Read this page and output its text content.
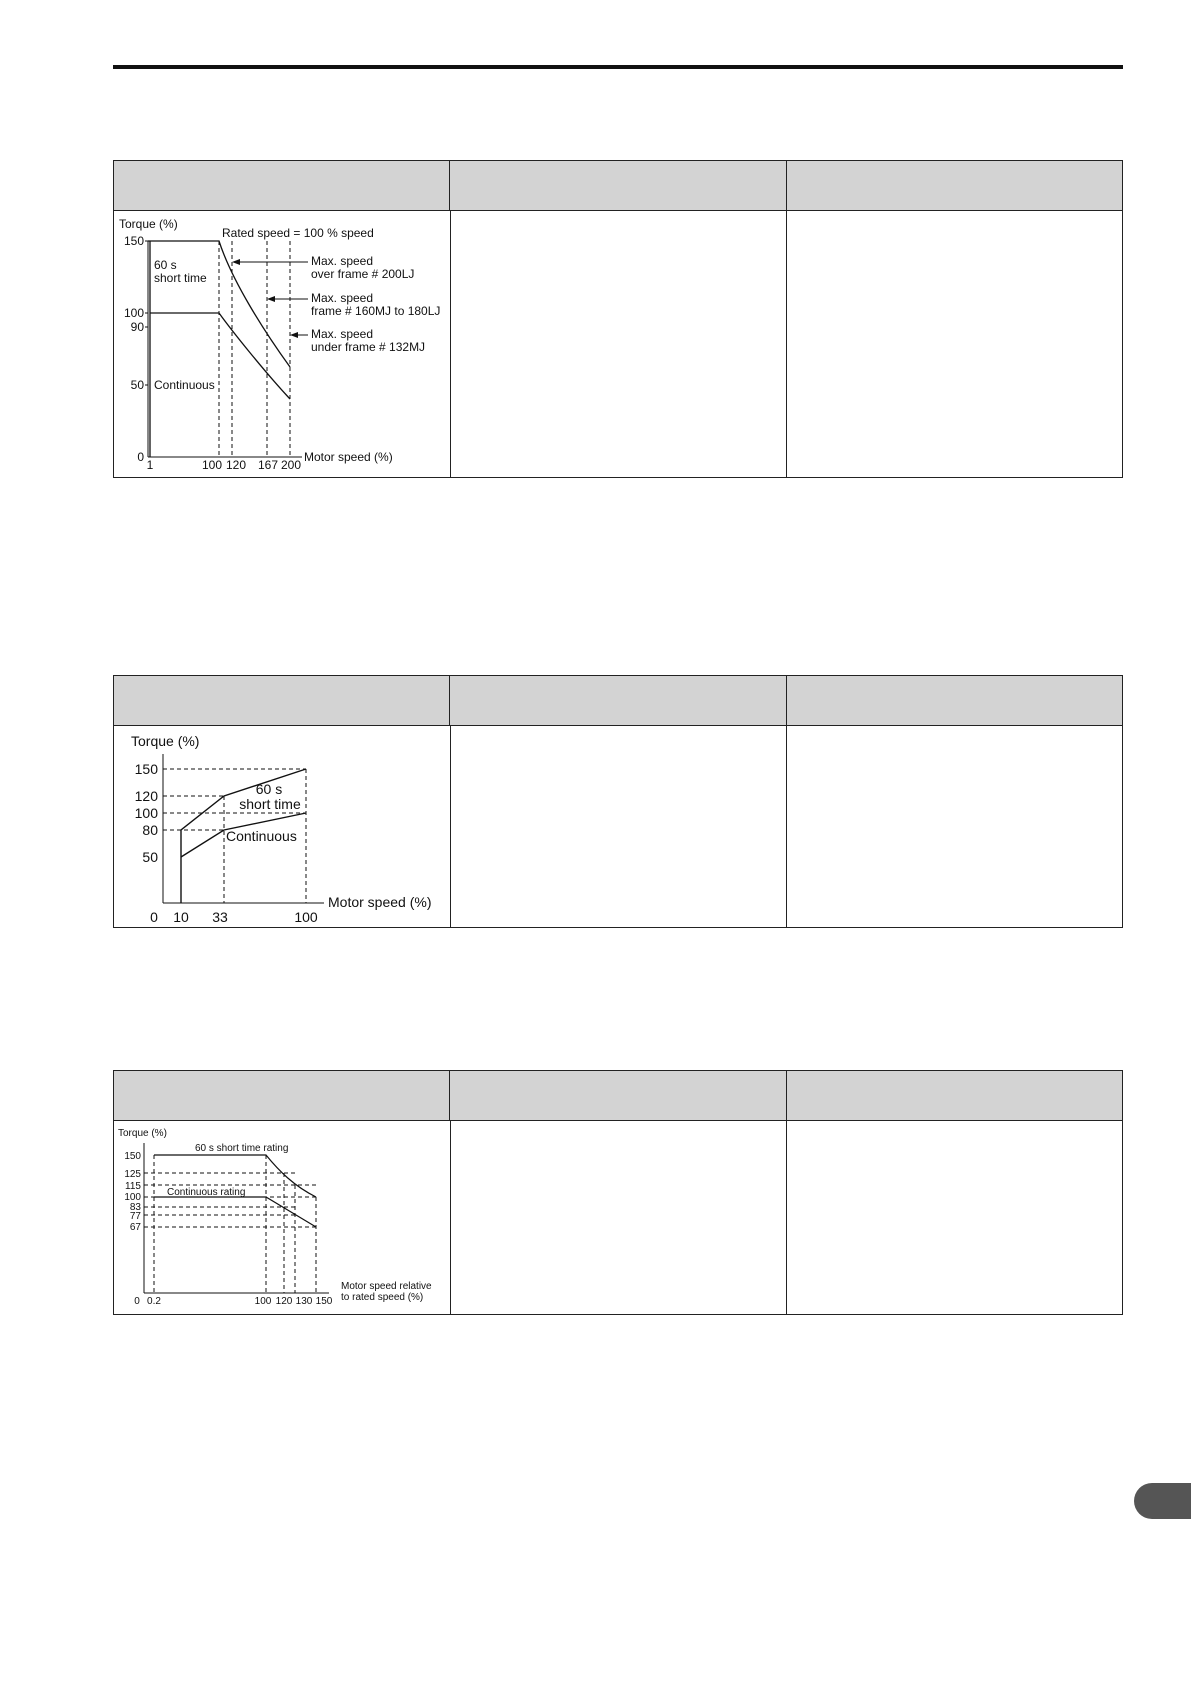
Torque (%)
150
100
90
50
0
1	100 120 167 200
Motor speed (%)
Rated speed = 100 % speed
60 s
short time
Continuous
Max. speed
over frame # 200LJ
Max. speed
frame # 160MJ to 180LJ
Max. speed
under frame # 132MJ
Torque (%)
150
120
100
80
50
0 10 33	100
Motor speed (%)
60 s
short time
Continuous
Torque (%)
150
125
115
100
83
77
67
0 0.2	100 120 130 150
Motor speed relative
to rated speed (%)
60 s short time rating
Continuous rating
